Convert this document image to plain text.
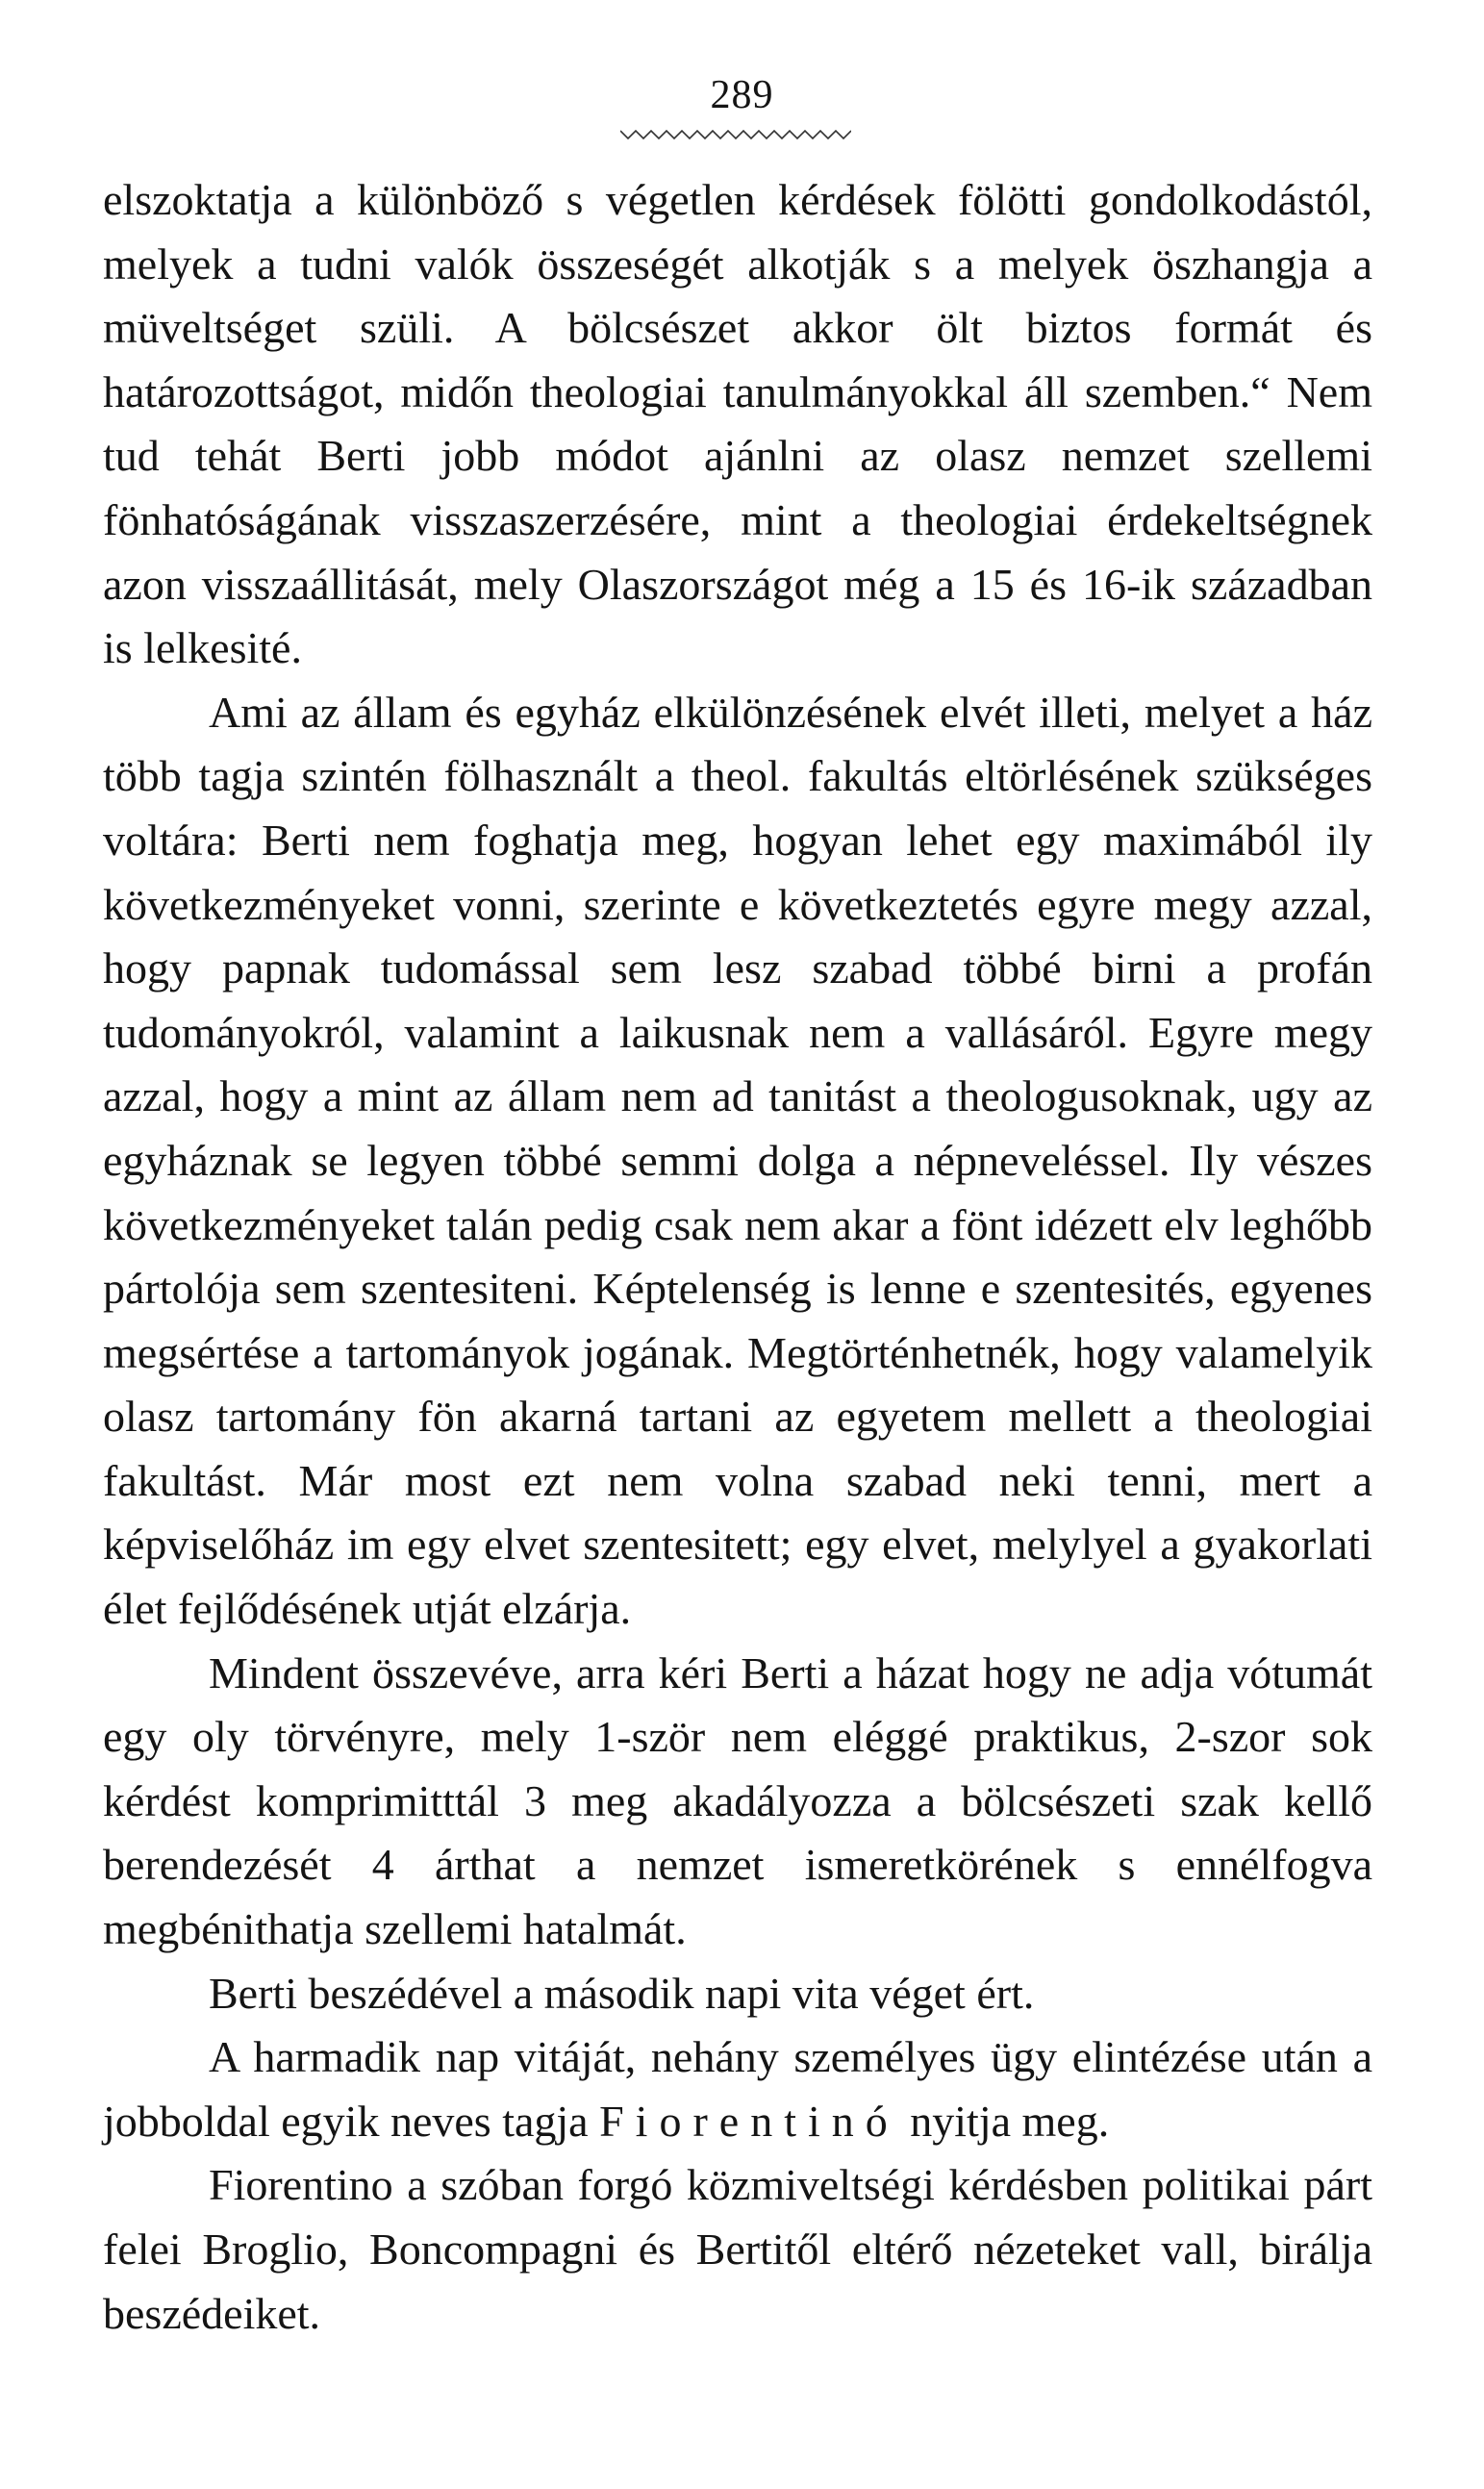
289

elszoktatja a különböző s végetlen kérdések fölötti gondolkodástól, melyek a tudni valók összeségét alkotják s a melyek öszhangja a müveltséget szüli. A bölcsészet akkor ölt biztos formát és határozottságot, midőn theologiai tanulmányokkal áll szemben.“ Nem tud tehát Berti jobb módot ajánlni az olasz nemzet szellemi fönhatóságának visszaszerzésére, mint a theologiai érdekeltségnek azon visszaállitását, mely Olaszországot még a 15 és 16-ik században is lelkesité.

Ami az állam és egyház elkülönzésének elvét illeti, melyet a ház több tagja szintén fölhasznált a theol. fakultás eltörlésének szükséges voltára: Berti nem foghatja meg, hogyan lehet egy maximából ily következményeket vonni, szerinte e következtetés egyre megy azzal, hogy papnak tudomással sem lesz szabad többé birni a profán tudományokról, valamint a laikusnak nem a vallásáról. Egyre megy azzal, hogy a mint az állam nem ad tanitást a theologusoknak, ugy az egyháznak se legyen többé semmi dolga a népneveléssel. Ily vészes következményeket talán pedig csak nem akar a fönt idézett elv leghőbb pártolója sem szentesiteni. Képtelenség is lenne e szentesités, egyenes megsértése a tartományok jogának. Megtörténhetnék, hogy valamelyik olasz tartomány fön akarná tartani az egyetem mellett a theologiai fakultást. Már most ezt nem volna szabad neki tenni, mert a képviselőház im egy elvet szentesitett; egy elvet, melylyel a gyakorlati élet fejlődésének utját elzárja.

Mindent összevéve, arra kéri Berti a házat hogy ne adja vótumát egy oly törvényre, mely 1-ször nem eléggé praktikus, 2-szor sok kérdést komprimitttál 3 meg akadályozza a bölcsészeti szak kellő berendezését 4 árthat a nemzet ismeretkörének s ennélfogva megbénithatja szellemi hatalmát.

Berti beszédével a második napi vita véget ért.

A harmadik nap vitáját, nehány személyes ügy elintézése után a jobboldal egyik neves tagja Fiorentinó nyitja meg.

Fiorentino a szóban forgó közmiveltségi kérdésben politikai párt felei Broglio, Boncompagni és Bertitől eltérő nézeteket vall, birálja beszédeiket.
